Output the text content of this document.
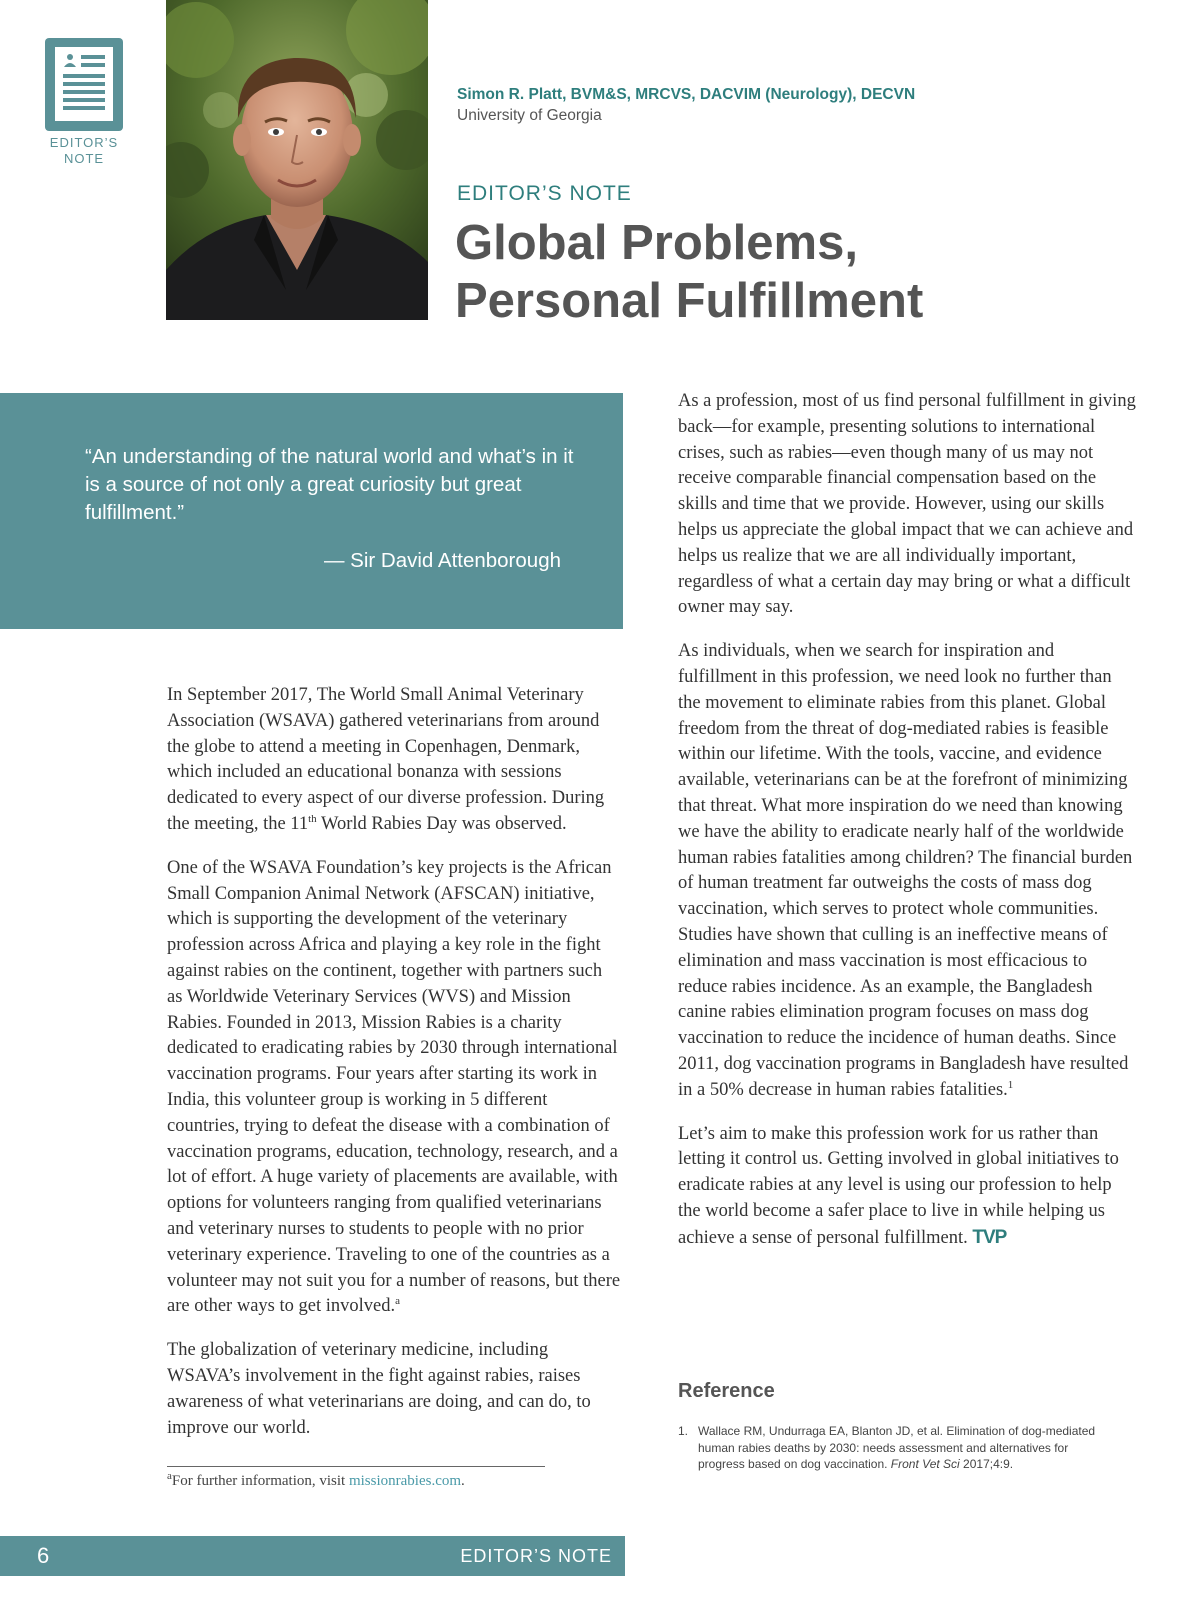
EDITOR’S
NOTE
Simon R. Platt, BVM&S, MRCVS, DACVIM (Neurology), DECVN
University of Georgia
EDITOR’S NOTE
Global Problems,
Personal Fulfillment
“An understanding of the natural world and what’s in it is a source of not only a great curiosity but great fulfillment.”
— Sir David Attenborough

In September 2017, The World Small Animal Veterinary Association (WSAVA) gathered veterinarians from around the globe to attend a meeting in Copenhagen, Denmark, which included an educational bonanza with sessions dedicated to every aspect of our diverse profession. During the meeting, the 11th World Rabies Day was observed.

One of the WSAVA Foundation’s key projects is the African Small Companion Animal Network (AFSCAN) initiative, which is supporting the development of the veterinary profession across Africa and playing a key role in the fight against rabies on the continent, together with partners such as Worldwide Veterinary Services (WVS) and Mission Rabies. Founded in 2013, Mission Rabies is a charity dedicated to eradicating rabies by 2030 through international vaccination programs. Four years after starting its work in India, this volunteer group is working in 5 different countries, trying to defeat the disease with a combination of vaccination programs, education, technology, research, and a lot of effort. A huge variety of placements are available, with options for volunteers ranging from qualified veterinarians and veterinary nurses to students to people with no prior veterinary experience. Traveling to one of the countries as a volunteer may not suit you for a number of reasons, but there are other ways to get involved.$^a$

The globalization of veterinary medicine, including WSAVA’s involvement in the fight against rabies, raises awareness of what veterinarians are doing, and can do, to improve our world.

As a profession, most of us find personal fulfillment in giving back—for example, presenting solutions to international crises, such as rabies—even though many of us may not receive comparable financial compensation based on the skills and time that we provide. However, using our skills helps us appreciate the global impact that we can achieve and helps us realize that we are all individually important, regardless of what a certain day may bring or what a difficult owner may say.

As individuals, when we search for inspiration and fulfillment in this profession, we need look no further than the movement to eliminate rabies from this planet. Global freedom from the threat of dog-mediated rabies is feasible within our lifetime. With the tools, vaccine, and evidence available, veterinarians can be at the forefront of minimizing that threat. What more inspiration do we need than knowing we have the ability to eradicate nearly half of the worldwide human rabies fatalities among children? The financial burden of human treatment far outweighs the costs of mass dog vaccination, which serves to protect whole communities. Studies have shown that culling is an ineffective means of elimination and mass vaccination is most efficacious to reduce rabies incidence. As an example, the Bangladesh canine rabies elimination program focuses on mass dog vaccination to reduce the incidence of human deaths. Since 2011, dog vaccination programs in Bangladesh have resulted in a 50% decrease in human rabies fatalities.$^1$

Let’s aim to make this profession work for us rather than letting it control us. Getting involved in global initiatives to eradicate rabies at any level is using our profession to help the world become a safer place to live in while helping us achieve a sense of personal fulfillment. TVP

$^a$For further information, visit missionrabies.com.
Reference
1. Wallace RM, Undurraga EA, Blanton JD, et al. Elimination of dog-mediated human rabies deaths by 2030: needs assessment and alternatives for progress based on dog vaccination. Front Vet Sci 2017;4:9.
6	EDITOR’S NOTE
